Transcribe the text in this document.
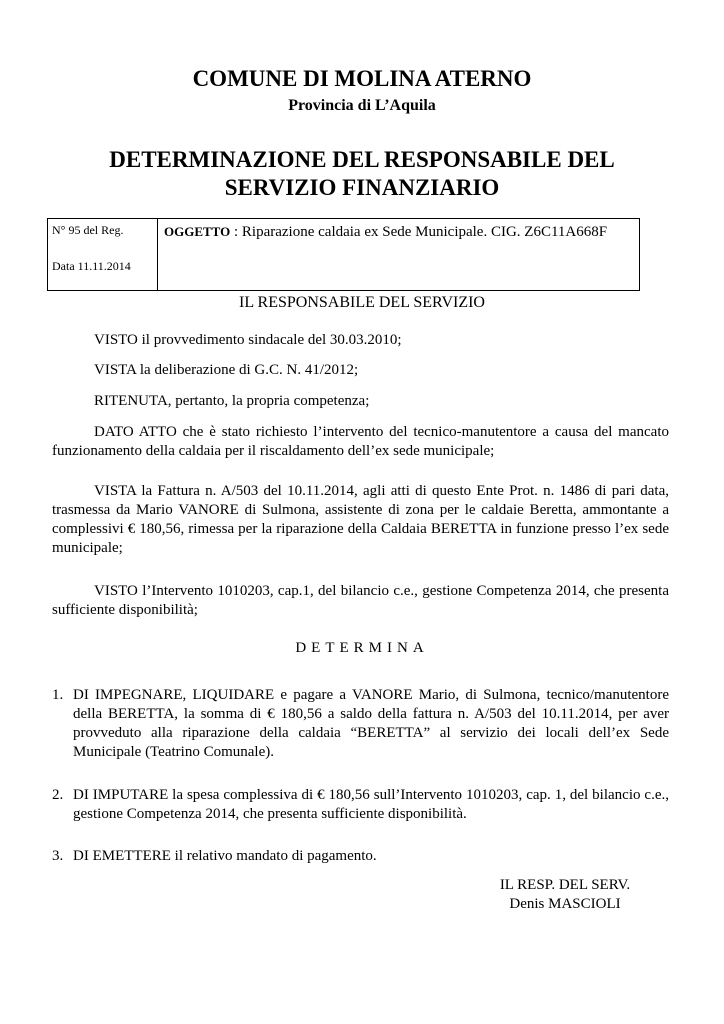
COMUNE DI MOLINA ATERNO
Provincia di L’Aquila
DETERMINAZIONE DEL RESPONSABILE DEL
SERVIZIO FINANZIARIO
N° 95 del Reg.
Data 11.11.2014
OGGETTO : Riparazione caldaia ex Sede Municipale. CIG. Z6C11A668F
IL RESPONSABILE DEL SERVIZIO

VISTO il provvedimento sindacale del 30.03.2010;

VISTA la deliberazione di G.C. N. 41/2012;

RITENUTA, pertanto, la propria competenza;

DATO ATTO che è stato richiesto l’intervento del tecnico-manutentore a causa del mancato funzionamento della caldaia per il riscaldamento dell’ex sede municipale;

VISTA la Fattura n. A/503 del 10.11.2014, agli atti di questo Ente Prot. n. 1486 di pari data, trasmessa da Mario VANORE di Sulmona, assistente di zona per le caldaie Beretta, ammontante a complessivi € 180,56, rimessa per la riparazione della Caldaia BERETTA in funzione presso l’ex sede municipale;

VISTO l’Intervento 1010203, cap.1, del bilancio c.e., gestione Competenza 2014, che presenta sufficiente disponibilità;

DETERMINA
1. DI IMPEGNARE, LIQUIDARE e pagare a VANORE Mario, di Sulmona, tecnico/manutentore della BERETTA, la somma di € 180,56 a saldo della fattura n. A/503 del 10.11.2014, per aver provveduto alla riparazione della caldaia “BERETTA” al servizio dei locali dell’ex Sede Municipale (Teatrino Comunale).
2. DI IMPUTARE la spesa complessiva di € 180,56 sull’Intervento 1010203, cap. 1, del bilancio c.e., gestione Competenza 2014, che presenta sufficiente disponibilità.
3. DI EMETTERE il relativo mandato di pagamento.
IL RESP. DEL SERV.
Denis MASCIOLI
